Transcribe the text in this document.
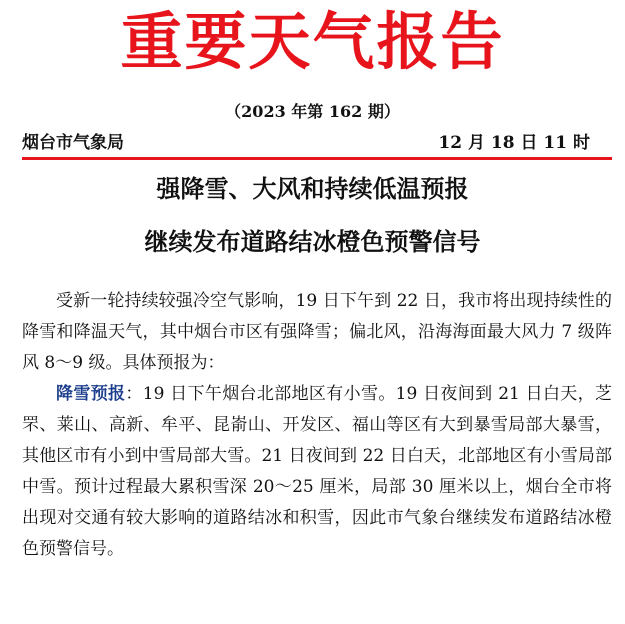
重要天气报告
（2023 年第 162 期）
烟台市气象局	12 月 18 日 11 时
强降雪、大风和持续低温预报
继续发布道路结冰橙色预警信号

受新一轮持续较强冷空气影响，19 日下午到 22 日，我市将出现持续性的降雪和降温天气，其中烟台市区有强降雪；偏北风，沿海海面最大风力 7 级阵风 8～9 级。具体预报为：

降雪预报：19 日下午烟台北部地区有小雪。19 日夜间到 21 日白天，芝罘、莱山、高新、牟平、昆嵛山、开发区、福山等区有大到暴雪局部大暴雪，其他区市有小到中雪局部大雪。21 日夜间到 22 日白天，北部地区有小雪局部中雪。预计过程最大累积雪深 20～25 厘米，局部 30 厘米以上，烟台全市将出现对交通有较大影响的道路结冰和积雪，因此市气象台继续发布道路结冰橙色预警信号。
